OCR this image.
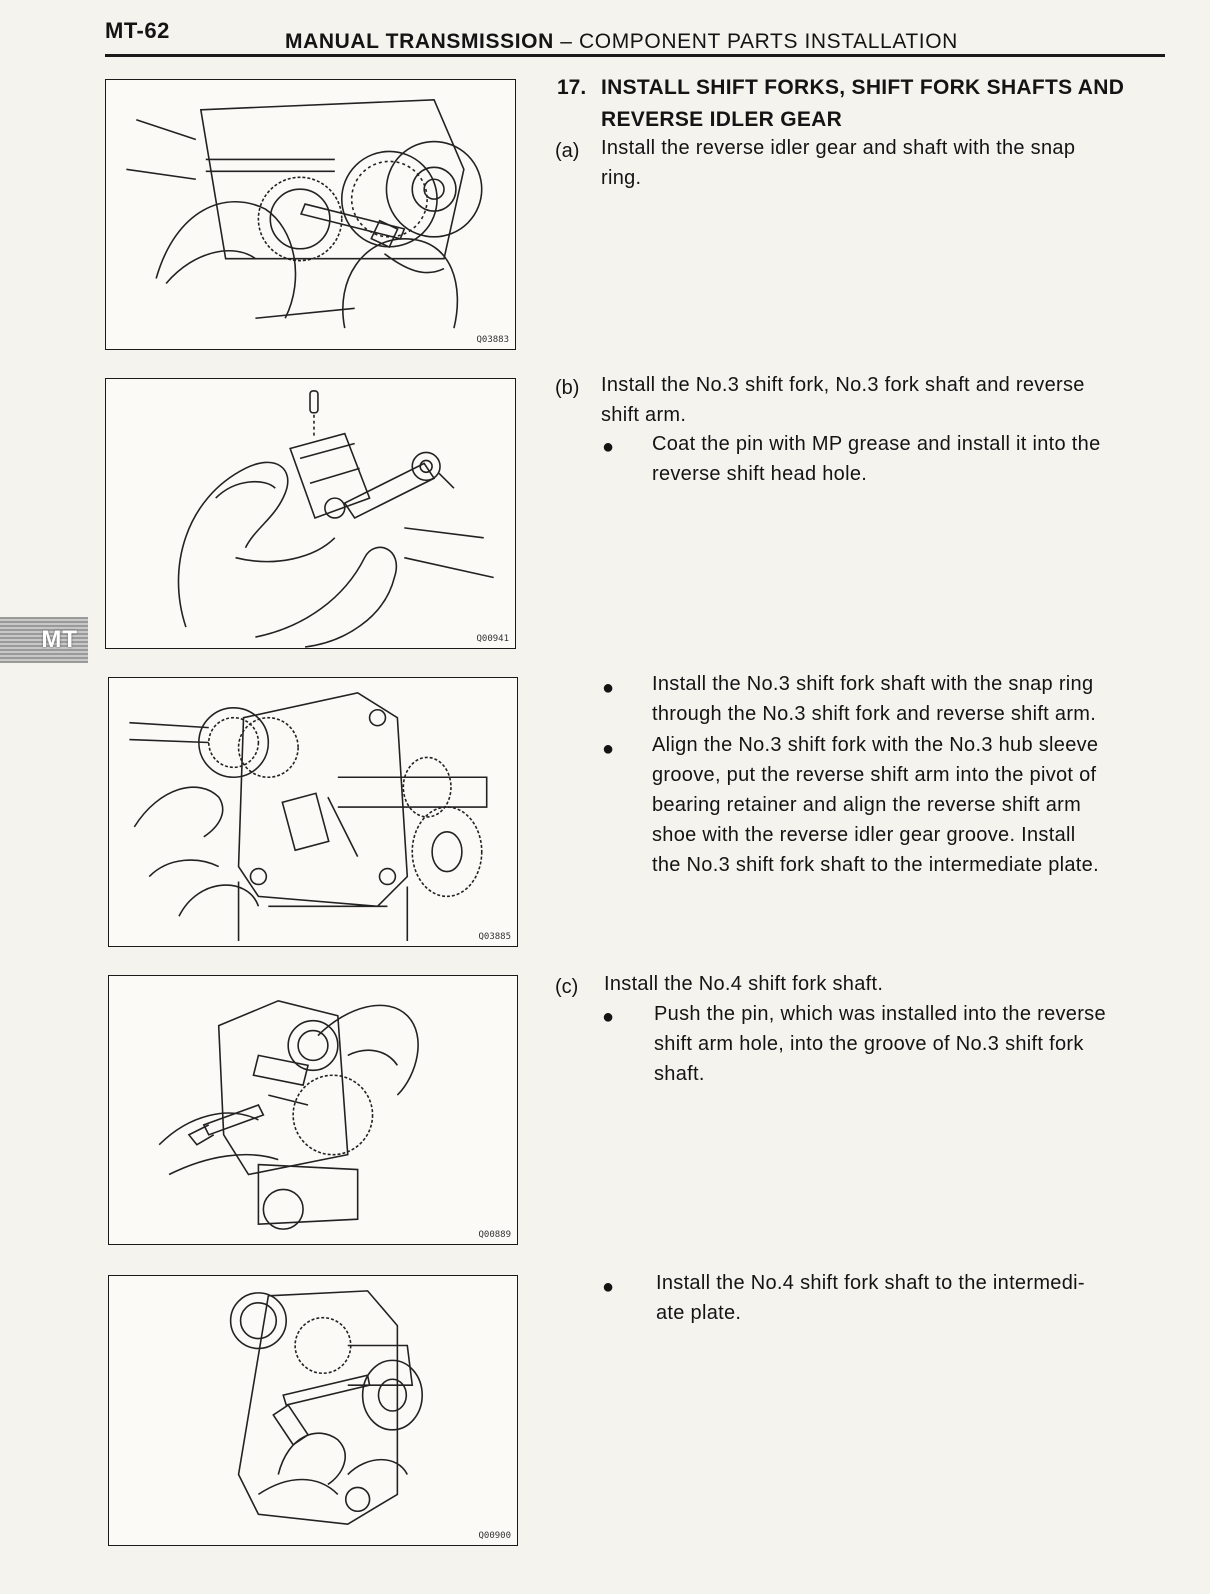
MT-62	MANUAL TRANSMISSION – COMPONENT PARTS INSTALLATION
MT
Q03883
Q00941
Q03885
Q00889
Q00900
17. INSTALL SHIFT FORKS, SHIFT FORK SHAFTS AND
REVERSE IDLER GEAR
(a) Install the reverse idler gear and shaft with the snap
ring.
(b) Install the No.3 shift fork, No.3 fork shaft and reverse
shift arm.
● Coat the pin with MP grease and install it into the
reverse shift head hole.
● Install the No.3 shift fork shaft with the snap ring
through the No.3 shift fork and reverse shift arm.
● Align the No.3 shift fork with the No.3 hub sleeve
groove, put the reverse shift arm into the pivot of
bearing retainer and align the reverse shift arm
shoe with the reverse idler gear groove. Install
the No.3 shift fork shaft to the intermediate plate.
(c) Install the No.4 shift fork shaft.
● Push the pin, which was installed into the reverse
shift arm hole, into the groove of No.3 shift fork
shaft.
● Install the No.4 shift fork shaft to the intermedi-
ate plate.
